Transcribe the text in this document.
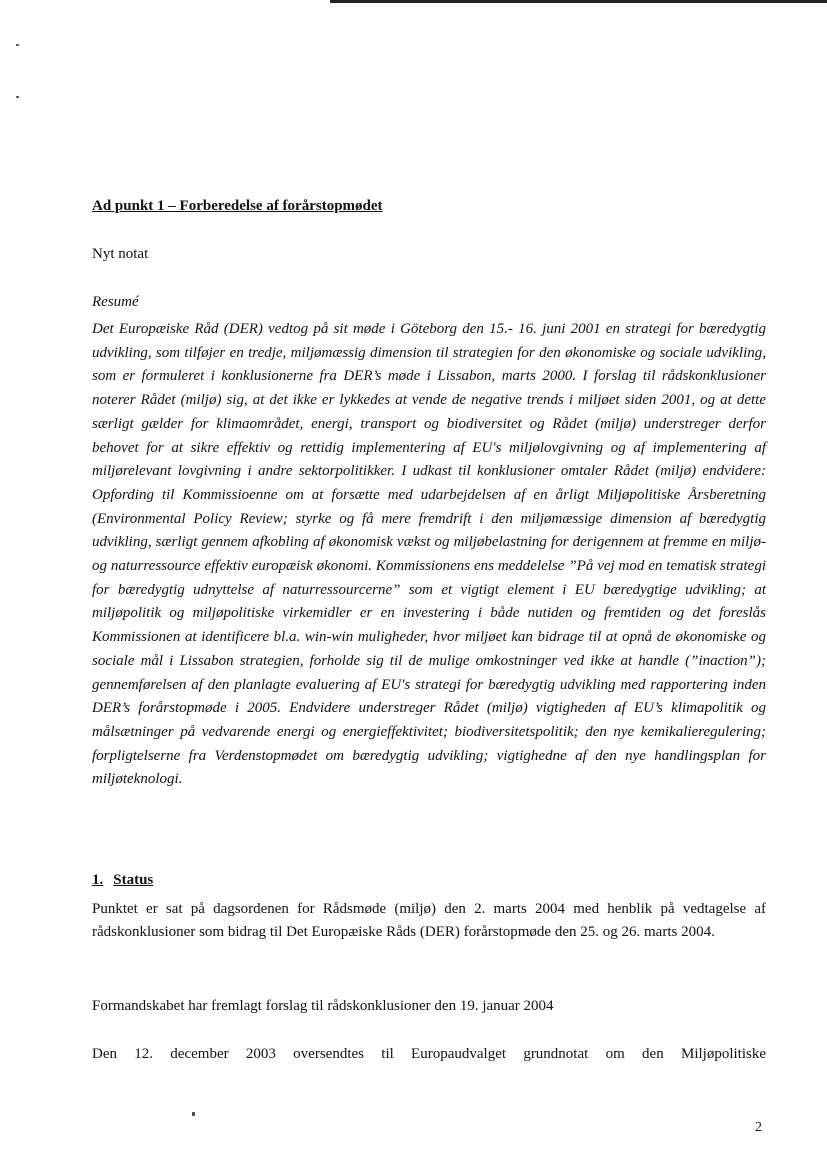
Ad punkt 1 – Forberedelse af forårstopmødet

Nyt notat

Resumé

Det Europæiske Råd (DER) vedtog på sit møde i Göteborg den 15.- 16. juni 2001 en strategi for bæredygtig udvikling, som tilføjer en tredje, miljømæssig dimension til strategien for den økonomiske og sociale udvikling, som er formuleret i konklusionerne fra DER’s møde i Lissabon, marts 2000. I forslag til rådskonklusioner noterer Rådet (miljø) sig, at det ikke er lykkedes at vende de negative trends i miljøet siden 2001, og at dette særligt gælder for klimaområdet, energi, transport og biodiversitet og Rådet (miljø) understreger derfor behovet for at sikre effektiv og rettidig implementering af EU's miljølovgivning og af implementering af miljørelevant lovgivning i andre sektorpolitikker. I udkast til konklusioner omtaler Rådet (miljø) endvidere: Opfording til Kommissioenne om at forsætte med udarbejdelsen af en årligt Miljøpolitiske Årsberetning (Environmental Policy Review; styrke og få mere fremdrift i den miljømæssige dimension af bæredygtig udvikling, særligt gennem afkobling af økonomisk vækst og miljøbelastning for derigennem at fremme en miljø- og naturressource effektiv europæisk økonomi. Kommissionens ens meddelelse ”På vej mod en tematisk strategi for bæredygtig udnyttelse af naturressourcerne” som et vigtigt element i EU bæredygtige udvikling; at miljøpolitik og miljøpolitiske virkemidler er en investering i både nutiden og fremtiden og det foreslås Kommissionen at identificere bl.a. win-win muligheder, hvor miljøet kan bidrage til at opnå de økonomiske og sociale mål i Lissabon strategien, forholde sig til de mulige omkostninger ved ikke at handle (”inaction”); gennemførelsen af den planlagte evaluering af EU's strategi for bæredygtig udvikling med rapportering inden DER’s forårstopmøde i 2005. Endvidere understreger Rådet (miljø) vigtigheden af EU’s klimapolitik og målsætninger på vedvarende energi og energieffektivitet; biodiversitetspolitik; den nye kemikalieregulering; forpligtelserne fra Verdenstopmødet om bæredygtig udvikling; vigtighedne af den nye handlingsplan for miljøteknologi.

1. Status

Punktet er sat på dagsordenen for Rådsmøde (miljø) den 2. marts 2004 med henblik på vedtagelse af rådskonklusioner som bidrag til Det Europæiske Råds (DER) forårstopmøde den 25. og 26. marts 2004.

Formandskabet har fremlagt forslag til rådskonklusioner den 19. januar 2004

Den 12. december 2003 oversendtes til Europaudvalget grundnotat om den Miljøpolitiske

2
